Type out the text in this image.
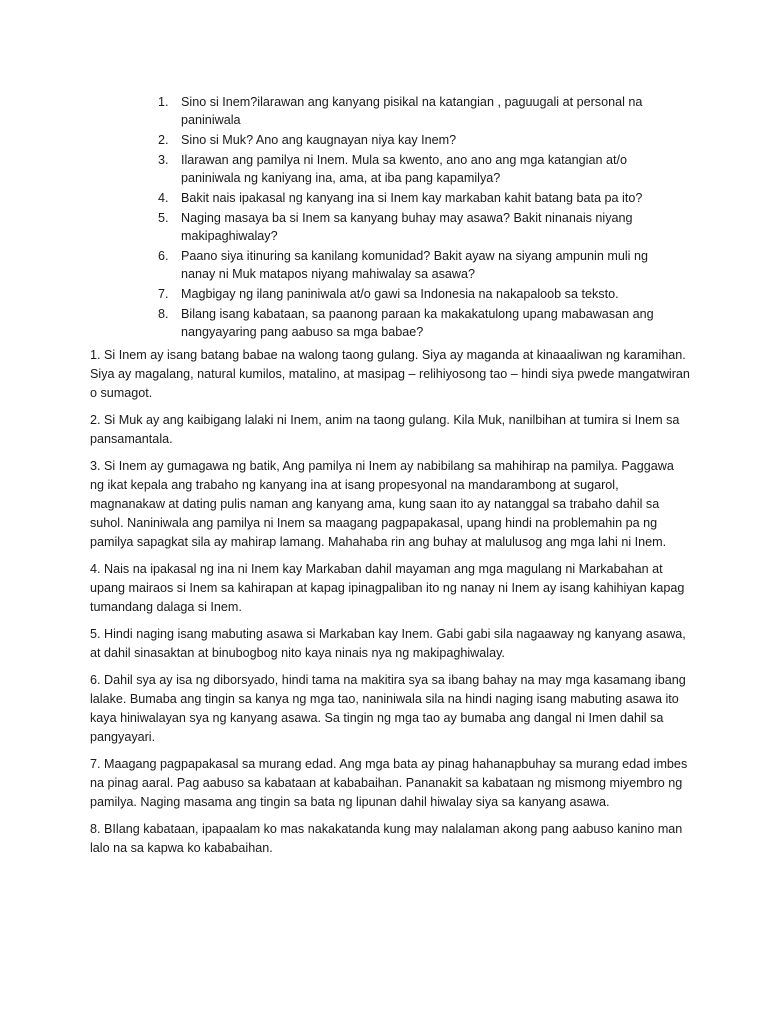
1. Sino si Inem?ilarawan ang kanyang pisikal na katangian , paguugali at personal na paniniwala
2. Sino si Muk? Ano ang kaugnayan niya kay Inem?
3. Ilarawan ang pamilya ni Inem. Mula sa kwento, ano ano ang mga katangian at/o paniniwala ng kaniyang ina, ama, at iba pang kapamilya?
4. Bakit nais ipakasal ng kanyang ina si Inem kay markaban kahit batang bata pa ito?
5. Naging masaya ba si Inem sa kanyang buhay may asawa? Bakit ninanais niyang makipaghiwalay?
6. Paano siya itinuring sa kanilang komunidad? Bakit ayaw na siyang ampunin muli ng nanay ni Muk matapos niyang mahiwalay sa asawa?
7. Magbigay ng ilang paniniwala at/o gawi sa Indonesia na nakapaloob sa teksto.
8. Bilang isang kabataan, sa paanong paraan ka makakatulong upang mabawasan ang nangyayaring pang aabuso sa mga babae?

1. Si Inem ay isang batang babae na walong taong gulang. Siya ay maganda at kinaaaliwan ng karamihan. Siya ay magalang, natural kumilos, matalino, at masipag – relihiyosong tao – hindi siya pwede mangatwiran o sumagot.

2. Si Muk ay ang kaibigang lalaki ni Inem, anim na taong gulang. Kila Muk, nanilbihan at tumira si Inem sa pansamantala.

3. Si Inem ay gumagawa ng batik, Ang pamilya ni Inem ay nabibilang sa mahihirap na pamilya. Paggawa ng ikat kepala ang trabaho ng kanyang ina at isang propesyonal na mandarambong at sugarol, magnanakaw at dating pulis naman ang kanyang ama, kung saan ito ay natanggal sa trabaho dahil sa suhol. Naniniwala ang pamilya ni Inem sa maagang pagpapakasal, upang hindi na problemahin pa ng pamilya sapagkat sila ay mahirap lamang. Mahahaba rin ang buhay at malulusog ang mga lahi ni Inem.

4. Nais na ipakasal ng ina ni Inem kay Markaban dahil mayaman ang mga magulang ni Markabahan at upang mairaos si Inem sa kahirapan at kapag ipinagpaliban ito ng nanay ni Inem ay isang kahihiyan kapag tumandang dalaga si Inem.

5. Hindi naging isang mabuting asawa si Markaban kay Inem. Gabi gabi sila nagaaway ng kanyang asawa, at dahil sinasaktan at binubogbog nito kaya ninais nya ng makipaghiwalay.

6. Dahil sya ay isa ng diborsyado, hindi tama na makitira sya sa ibang bahay na may mga kasamang ibang lalake. Bumaba ang tingin sa kanya ng mga tao, naniniwala sila na hindi naging isang mabuting asawa ito kaya hiniwalayan sya ng kanyang asawa. Sa tingin ng mga tao ay bumaba ang dangal ni Imen dahil sa pangyayari.

7. Maagang pagpapakasal sa murang edad. Ang mga bata ay pinag hahanapbuhay sa murang edad imbes na pinag aaral. Pag aabuso sa kabataan at kababaihan. Pananakit sa kabataan ng mismong miyembro ng pamilya. Naging masama ang tingin sa bata ng lipunan dahil hiwalay siya sa kanyang asawa.

8. BIlang kabataan, ipapaalam ko mas nakakatanda kung may nalalaman akong pang aabuso kanino man lalo na sa kapwa ko kababaihan.
